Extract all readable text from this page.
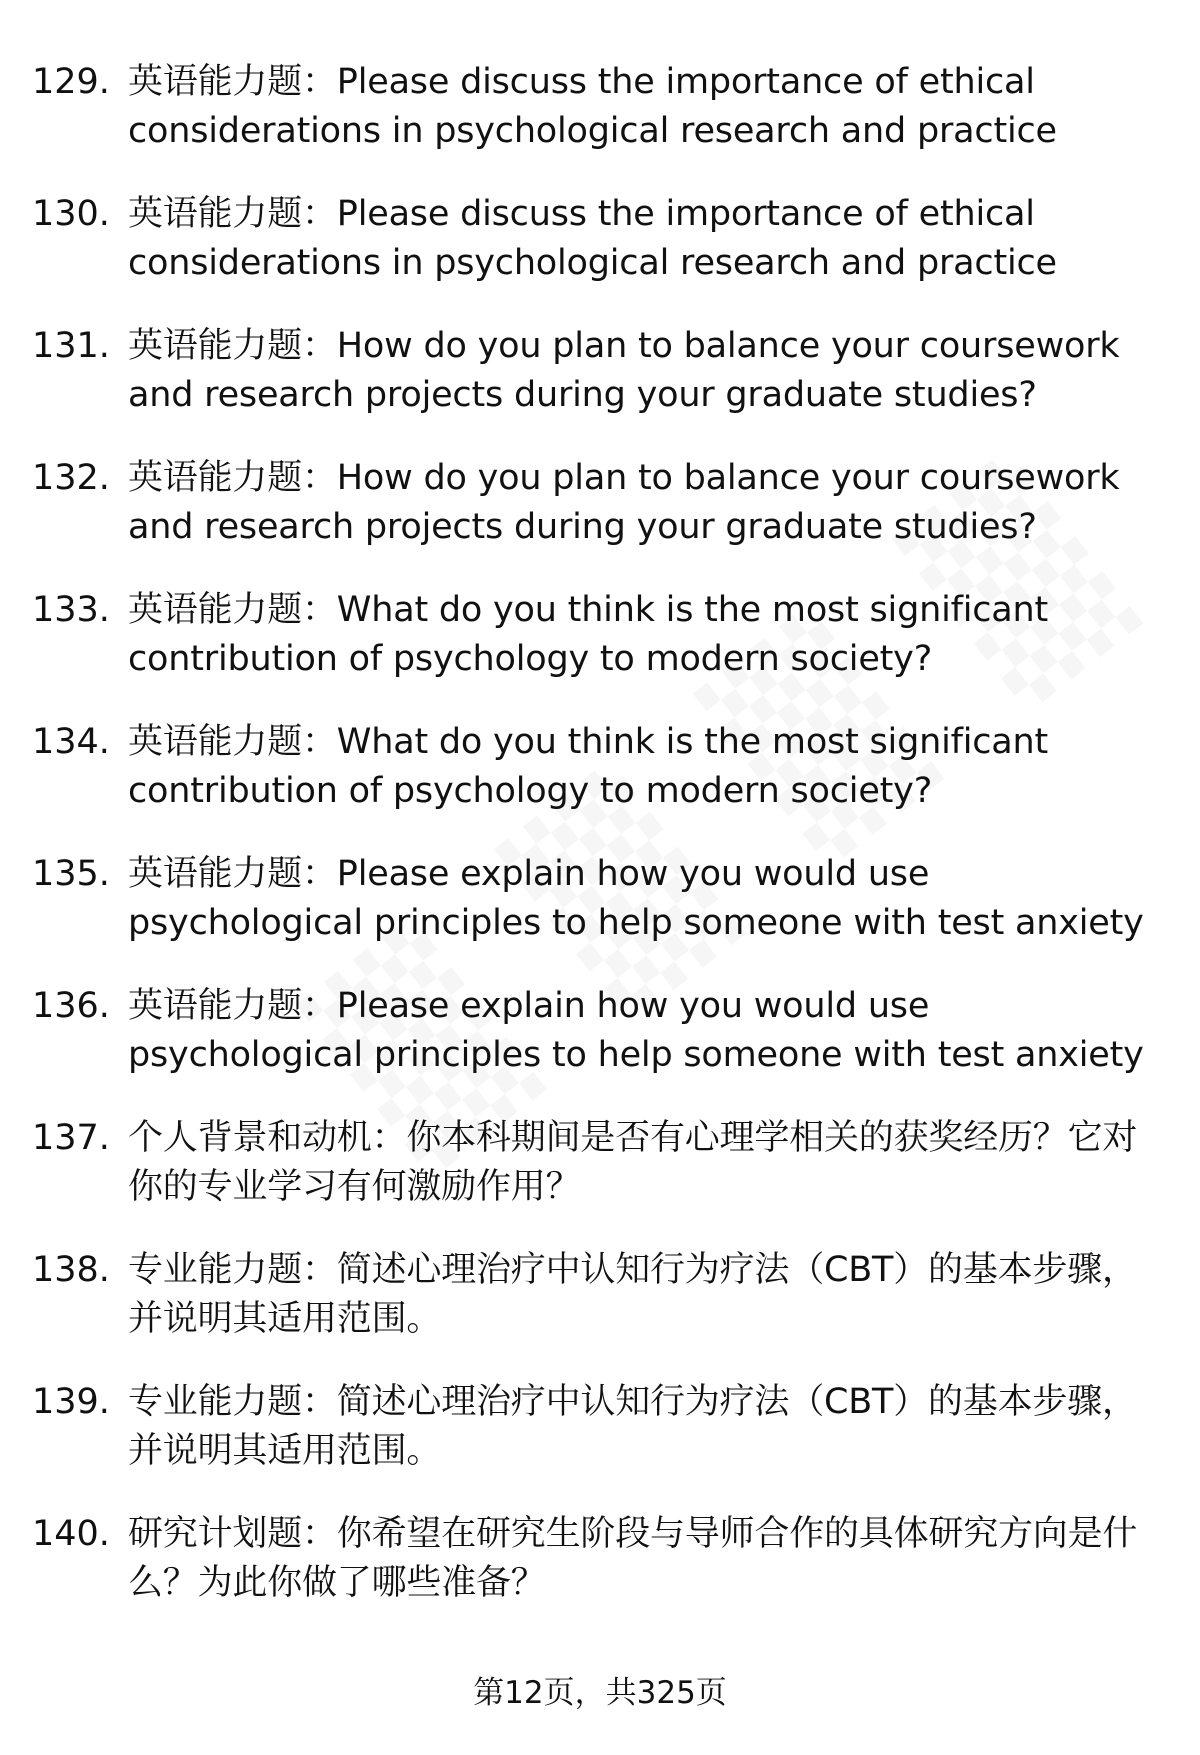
129. 英语能力题：Please discuss the importance of ethical considerations in psychological research and practice
130. 英语能力题：Please discuss the importance of ethical considerations in psychological research and practice
131. 英语能力题：How do you plan to balance your coursework and research projects during your graduate studies?
132. 英语能力题：How do you plan to balance your coursework and research projects during your graduate studies?
133. 英语能力题：What do you think is the most significant contribution of psychology to modern society?
134. 英语能力题：What do you think is the most significant contribution of psychology to modern society?
135. 英语能力题：Please explain how you would use psychological principles to help someone with test anxiety
136. 英语能力题：Please explain how you would use psychological principles to help someone with test anxiety
137. 个人背景和动机：你本科期间是否有心理学相关的获奖经历？它对你的专业学习有何激励作用？
138. 专业能力题：简述心理治疗中认知行为疗法（CBT）的基本步骤，并说明其适用范围。
139. 专业能力题：简述心理治疗中认知行为疗法（CBT）的基本步骤，并说明其适用范围。
140. 研究计划题：你希望在研究生阶段与导师合作的具体研究方向是什么？为此你做了哪些准备？
第12页，共325页
